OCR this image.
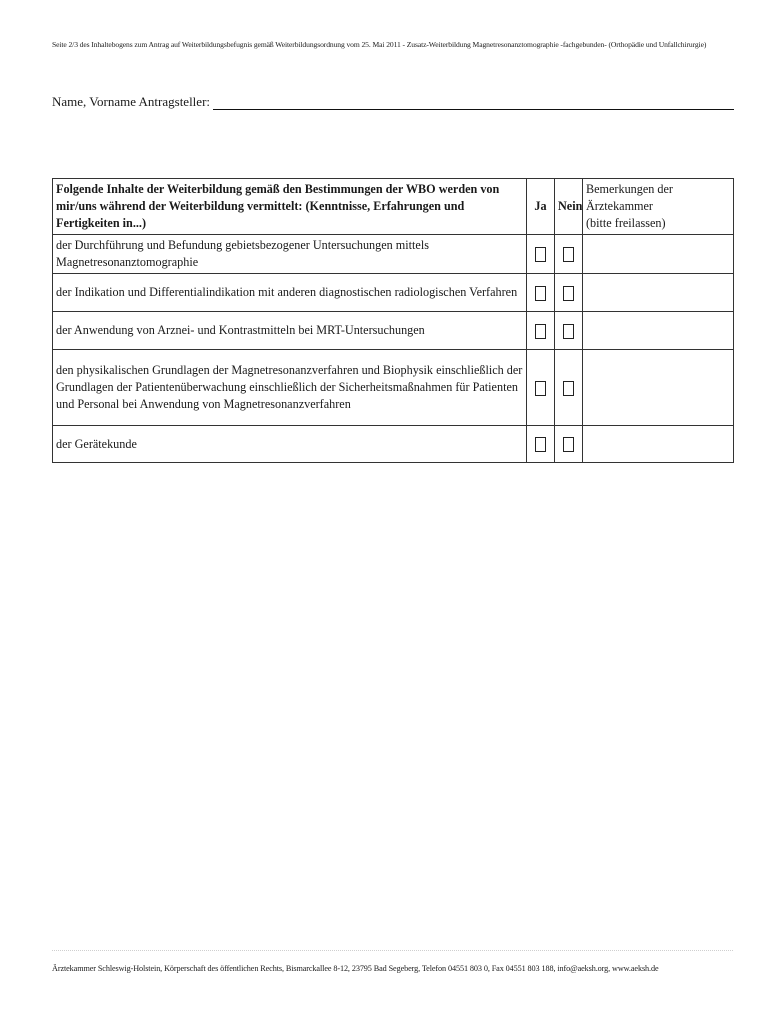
Seite 2/3 des Inhaltebogens zum Antrag auf Weiterbildungsbefugnis gemäß Weiterbildungsordnung vom 25. Mai 2011 - Zusatz-Weiterbildung Magnetresonanztomographie -fachgebunden- (Orthopädie und Unfallchirurgie)
Name, Vorname Antragsteller:
Folgende Inhalte der Weiterbildung gemäß den Bestimmungen der WBO werden von mir/uns während der Weiterbildung vermittelt: (Kenntnisse, Erfahrungen und Fertigkeiten in...)	Ja	Nein	Bemerkungen der Ärztekammer
(bitte freilassen)

der Durchführung und Befundung gebietsbezogener Untersuchungen mittels Magnetresonanztomographie			
der Indikation und Differentialindikation mit anderen diagnostischen radiologischen Verfahren			
der Anwendung von Arznei- und Kontrastmitteln bei MRT-Untersuchungen			
den physikalischen Grundlagen der Magnetresonanzverfahren und Biophysik einschließlich der Grundlagen der Patientenüberwachung einschließlich der Sicherheitsmaßnahmen für Patienten und Personal bei Anwendung von Magnetresonanzverfahren			
der Gerätekunde			
Ärztekammer Schleswig-Holstein, Körperschaft des öffentlichen Rechts, Bismarckallee 8-12, 23795 Bad Segeberg, Telefon 04551 803 0, Fax 04551 803 188, info@aeksh.org, www.aeksh.de
